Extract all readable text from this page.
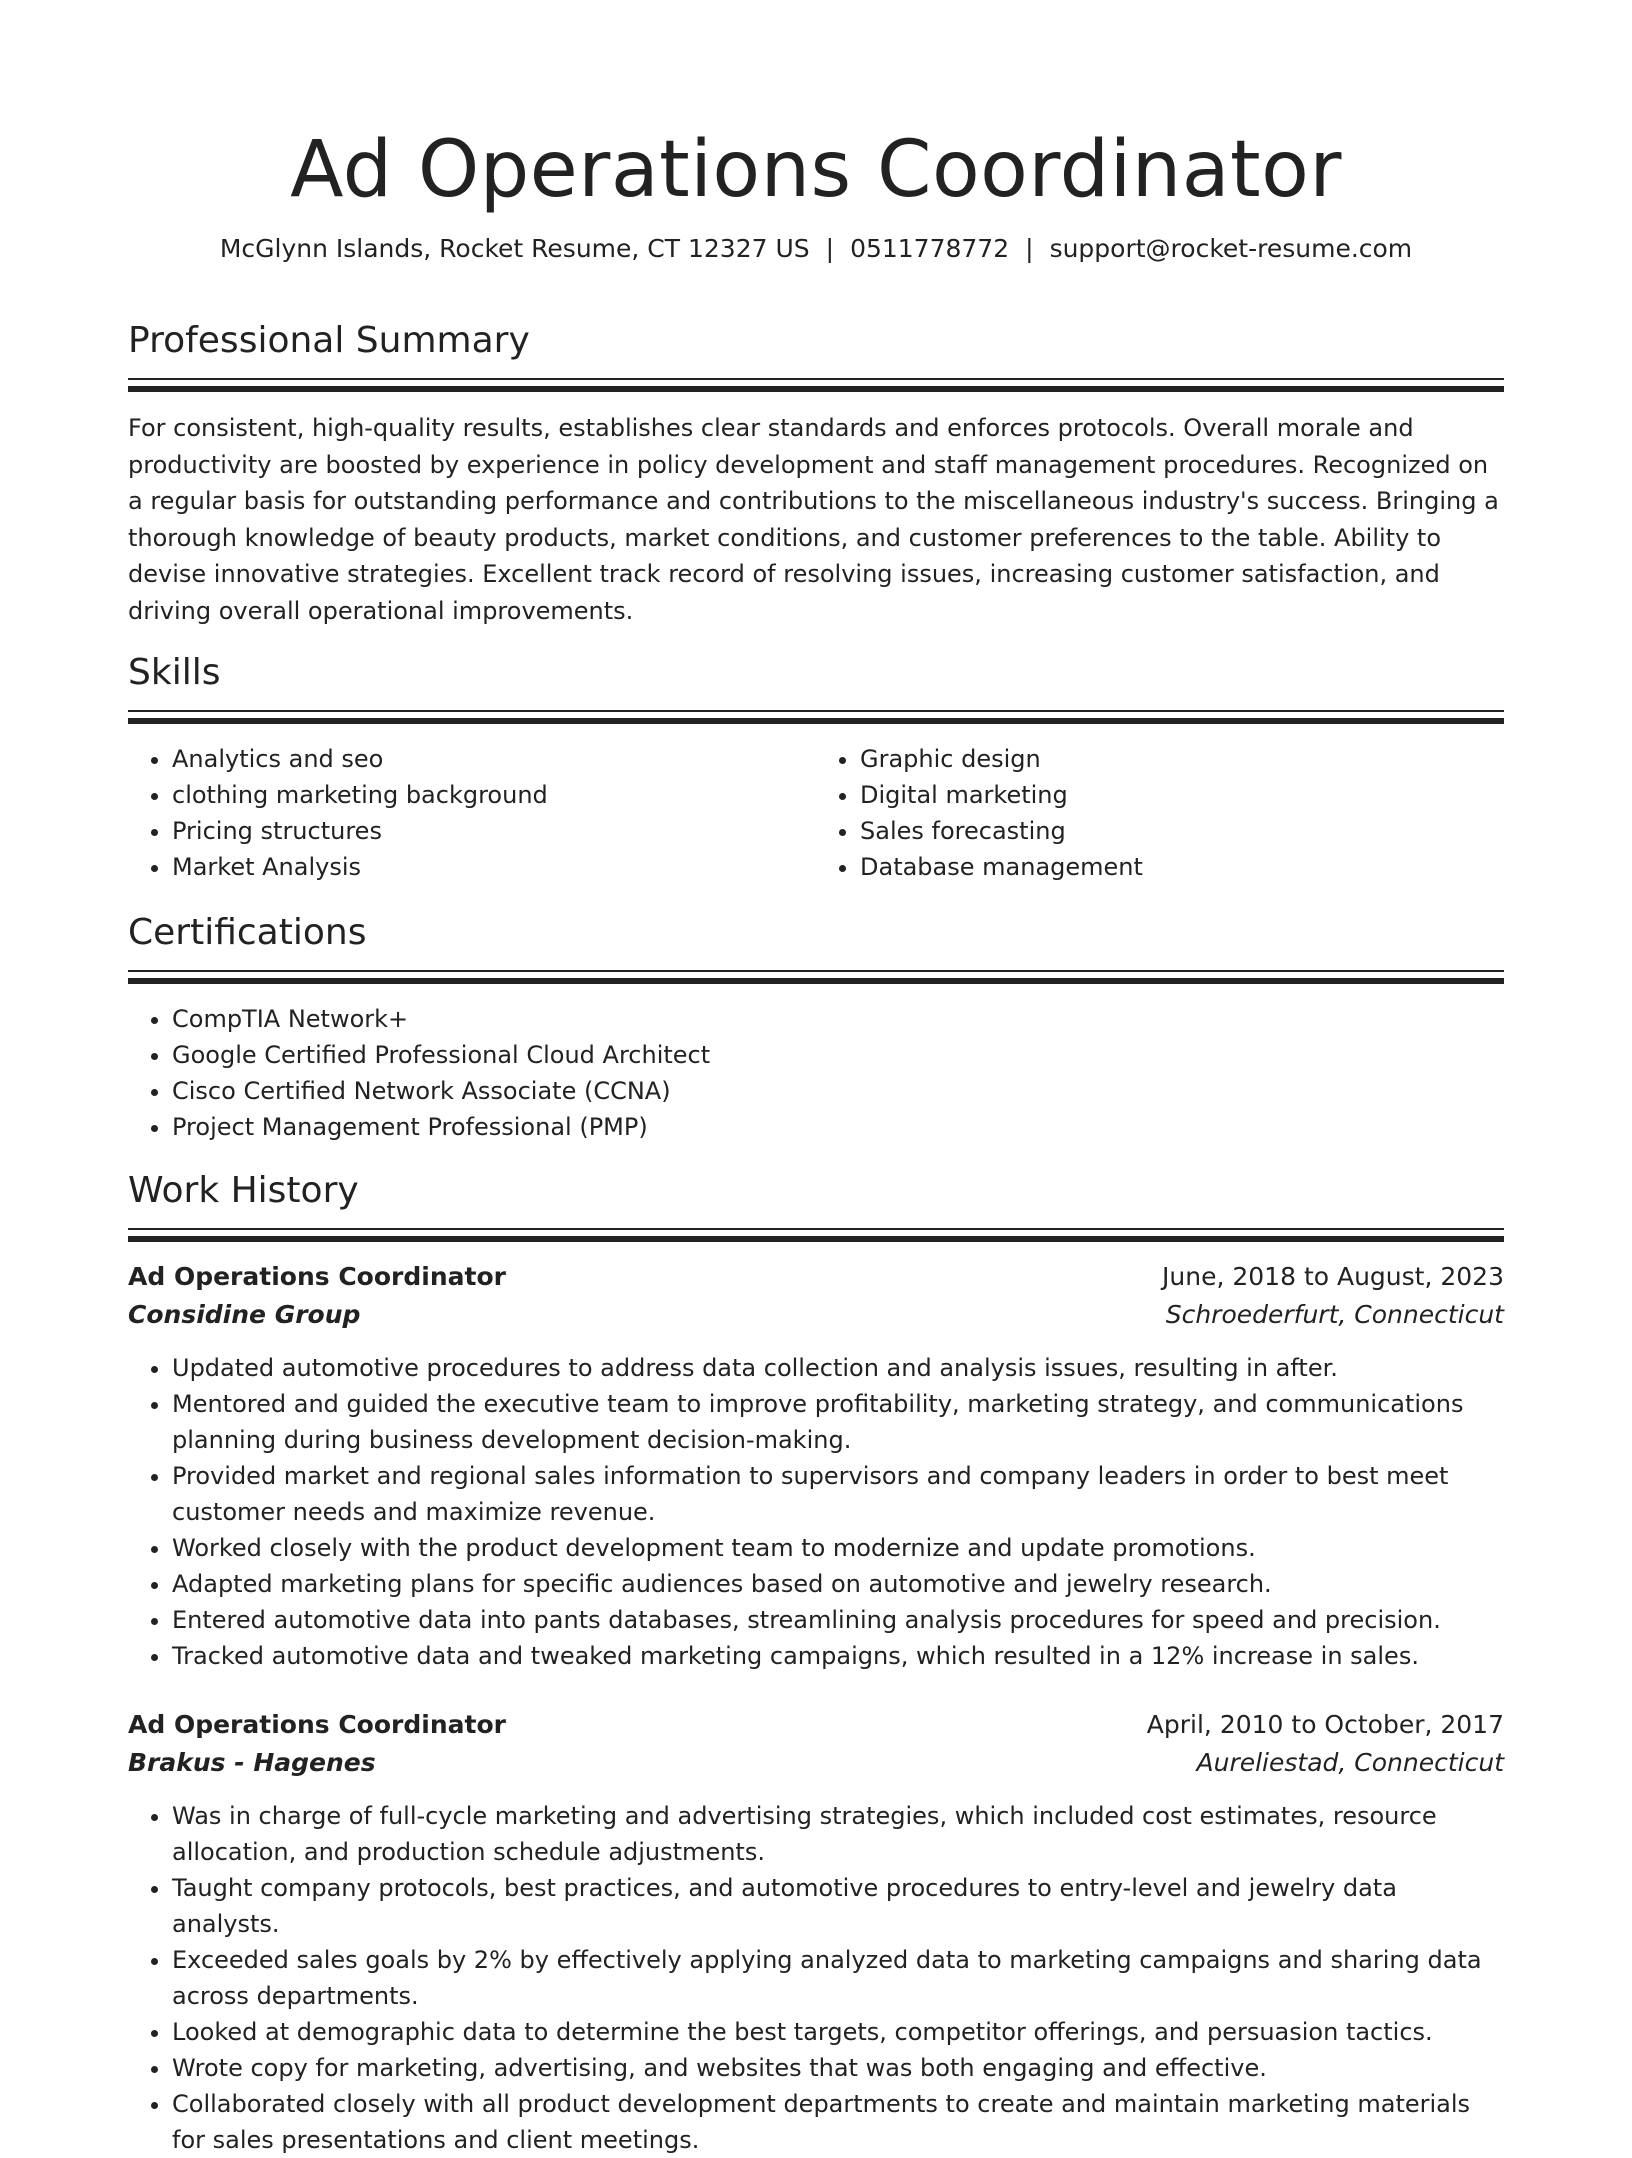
Ad Operations Coordinator
McGlynn Islands, Rocket Resume, CT 12327 US | 0511778772 | support@rocket-resume.com
Professional Summary
For consistent, high-quality results, establishes clear standards and enforces protocols. Overall morale and productivity are boosted by experience in policy development and staff management procedures. Recognized on a regular basis for outstanding performance and contributions to the miscellaneous industry's success. Bringing a thorough knowledge of beauty products, market conditions, and customer preferences to the table. Ability to devise innovative strategies. Excellent track record of resolving issues, increasing customer satisfaction, and driving overall operational improvements.
Skills
• Analytics and seo
• clothing marketing background
• Pricing structures
• Market Analysis
• Graphic design
• Digital marketing
• Sales forecasting
• Database management
Certifications
• CompTIA Network+
• Google Certified Professional Cloud Architect
• Cisco Certified Network Associate (CCNA)
• Project Management Professional (PMP)
Work History
Ad Operations Coordinator	June, 2018 to August, 2023
Considine Group	Schroederfurt, Connecticut
• Updated automotive procedures to address data collection and analysis issues, resulting in after.
• Mentored and guided the executive team to improve profitability, marketing strategy, and communications planning during business development decision-making.
• Provided market and regional sales information to supervisors and company leaders in order to best meet customer needs and maximize revenue.
• Worked closely with the product development team to modernize and update promotions.
• Adapted marketing plans for specific audiences based on automotive and jewelry research.
• Entered automotive data into pants databases, streamlining analysis procedures for speed and precision.
• Tracked automotive data and tweaked marketing campaigns, which resulted in a 12% increase in sales.
Ad Operations Coordinator	April, 2010 to October, 2017
Brakus - Hagenes	Aureliestad, Connecticut
• Was in charge of full-cycle marketing and advertising strategies, which included cost estimates, resource allocation, and production schedule adjustments.
• Taught company protocols, best practices, and automotive procedures to entry-level and jewelry data analysts.
• Exceeded sales goals by 2% by effectively applying analyzed data to marketing campaigns and sharing data across departments.
• Looked at demographic data to determine the best targets, competitor offerings, and persuasion tactics.
• Wrote copy for marketing, advertising, and websites that was both engaging and effective.
• Collaborated closely with all product development departments to create and maintain marketing materials for sales presentations and client meetings.
